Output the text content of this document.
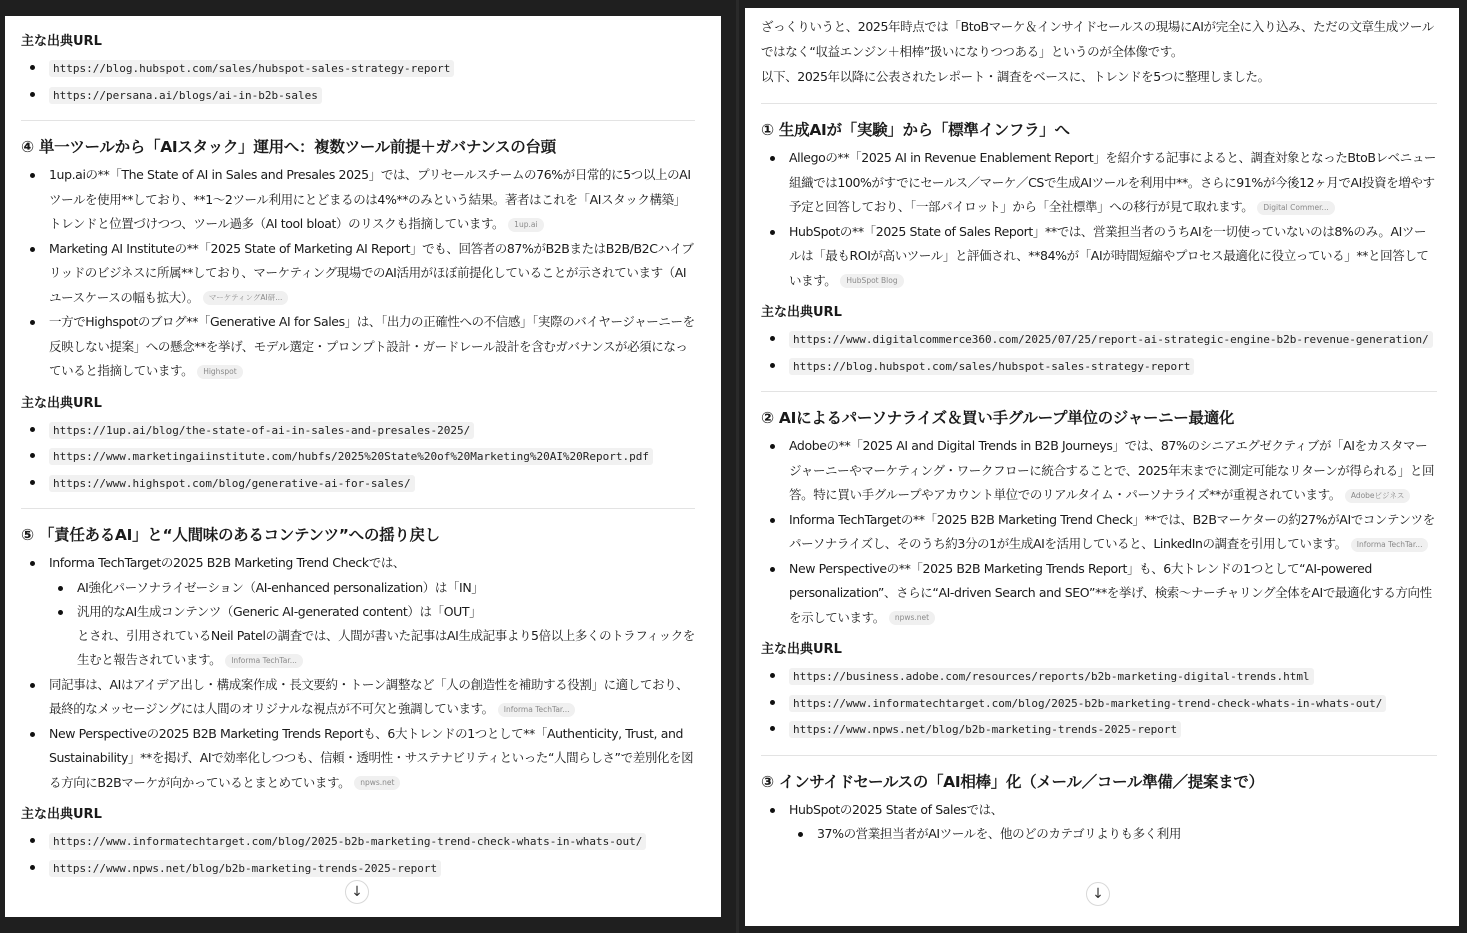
主な出典URL
https://blog.hubspot.com/sales/hubspot-sales-strategy-report
https://persana.ai/blogs/ai-in-b2b-sales
④ 単一ツールから「AIスタック」運用へ：複数ツール前提＋ガバナンスの台頭
1up.aiの**「The State of AI in Sales and Presales 2025」では、プリセールスチームの76%が日常的に5つ以上のAIツールを使用**しており、**1〜2ツール利用にとどまるのは4%**のみという結果。著者はこれを「AIスタック構築」トレンドと位置づけつつ、ツール過多（AI tool bloat）のリスクも指摘しています。 1up.ai
Marketing AI Instituteの**「2025 State of Marketing AI Report」でも、回答者の87%がB2BまたはB2B/B2Cハイブリッドのビジネスに所属**しており、マーケティング現場でのAI活用がほぼ前提化していることが示されています（AIユースケースの幅も拡大）。 マーケティングAI研...
一方でHighspotのブログ**「Generative AI for Sales」は、「出力の正確性への不信感」「実際のバイヤージャーニーを反映しない提案」への懸念**を挙げ、モデル選定・プロンプト設計・ガードレール設計を含むガバナンスが必須になっていると指摘しています。 Highspot
主な出典URL
https://1up.ai/blog/the-state-of-ai-in-sales-and-presales-2025/
https://www.marketingaiinstitute.com/hubfs/2025%20State%20of%20Marketing%20AI%20Report.pdf
https://www.highspot.com/blog/generative-ai-for-sales/
⑤ 「責任あるAI」と“人間味のあるコンテンツ”への揺り戻し
Informa TechTargetの2025 B2B Marketing Trend Checkでは、
AI強化パーソナライゼーション（AI-enhanced personalization）は「IN」
汎用的なAI生成コンテンツ（Generic AI-generated content）は「OUT」
とされ、引用されているNeil Patelの調査では、人間が書いた記事はAI生成記事より5倍以上多くのトラフィックを生むと報告されています。 Informa TechTar...
同記事は、AIはアイデア出し・構成案作成・長文要約・トーン調整など「人の創造性を補助する役割」に適しており、最終的なメッセージングには人間のオリジナルな視点が不可欠と強調しています。 Informa TechTar...
New Perspectiveの2025 B2B Marketing Trends Reportも、6大トレンドの1つとして**「Authenticity, Trust, and Sustainability」**を掲げ、AIで効率化しつつも、信頼・透明性・サステナビリティといった“人間らしさ”で差別化を図る方向にB2Bマーケが向かっているとまとめています。 npws.net
主な出典URL
https://www.informatechtarget.com/blog/2025-b2b-marketing-trend-check-whats-in-whats-out/
https://www.npws.net/blog/b2b-marketing-trends-2025-report
↓

ざっくりいうと、2025年時点では「BtoBマーケ＆インサイドセールスの現場にAIが完全に入り込み、ただの文章生成ツールではなく“収益エンジン＋相棒”扱いになりつつある」というのが全体像です。

以下、2025年以降に公表されたレポート・調査をベースに、トレンドを5つに整理しました。

① 生成AIが「実験」から「標準インフラ」へ
Allegoの**「2025 AI in Revenue Enablement Report」を紹介する記事によると、調査対象となったBtoBレベニュー組織では100%がすでにセールス／マーケ／CSで生成AIツールを利用中**。さらに91%が今後12ヶ月でAI投資を増やす予定と回答しており、「一部パイロット」から「全社標準」への移行が見て取れます。 Digital Commer...
HubSpotの**「2025 State of Sales Report」**では、営業担当者のうちAIを一切使っていないのは8%のみ。AIツールは「最もROIが高いツール」と評価され、**84%が「AIが時間短縮やプロセス最適化に役立っている」**と回答しています。 HubSpot Blog
主な出典URL
https://www.digitalcommerce360.com/2025/07/25/report-ai-strategic-engine-b2b-revenue-generation/
https://blog.hubspot.com/sales/hubspot-sales-strategy-report
② AIによるパーソナライズ＆買い手グループ単位のジャーニー最適化
Adobeの**「2025 AI and Digital Trends in B2B Journeys」では、87%のシニアエグゼクティブが「AIをカスタマージャーニーやマーケティング・ワークフローに統合することで、2025年末までに測定可能なリターンが得られる」と回答。特に買い手グループやアカウント単位でのリアルタイム・パーソナライズ**が重視されています。 Adobeビジネス
Informa TechTargetの**「2025 B2B Marketing Trend Check」**では、B2Bマーケターの約27%がAIでコンテンツをパーソナライズし、そのうち約3分の1が生成AIを活用していると、LinkedInの調査を引用しています。 Informa TechTar...
New Perspectiveの**「2025 B2B Marketing Trends Report」も、6大トレンドの1つとして“AI-powered personalization”、さらに“AI-driven Search and SEO”**を挙げ、検索〜ナーチャリング全体をAIで最適化する方向性を示しています。 npws.net
主な出典URL
https://business.adobe.com/resources/reports/b2b-marketing-digital-trends.html
https://www.informatechtarget.com/blog/2025-b2b-marketing-trend-check-whats-in-whats-out/
https://www.npws.net/blog/b2b-marketing-trends-2025-report
③ インサイドセールスの「AI相棒」化（メール／コール準備／提案まで）
HubSpotの2025 State of Salesでは、
37%の営業担当者がAIツールを、他のどのカテゴリよりも多く利用
↓
